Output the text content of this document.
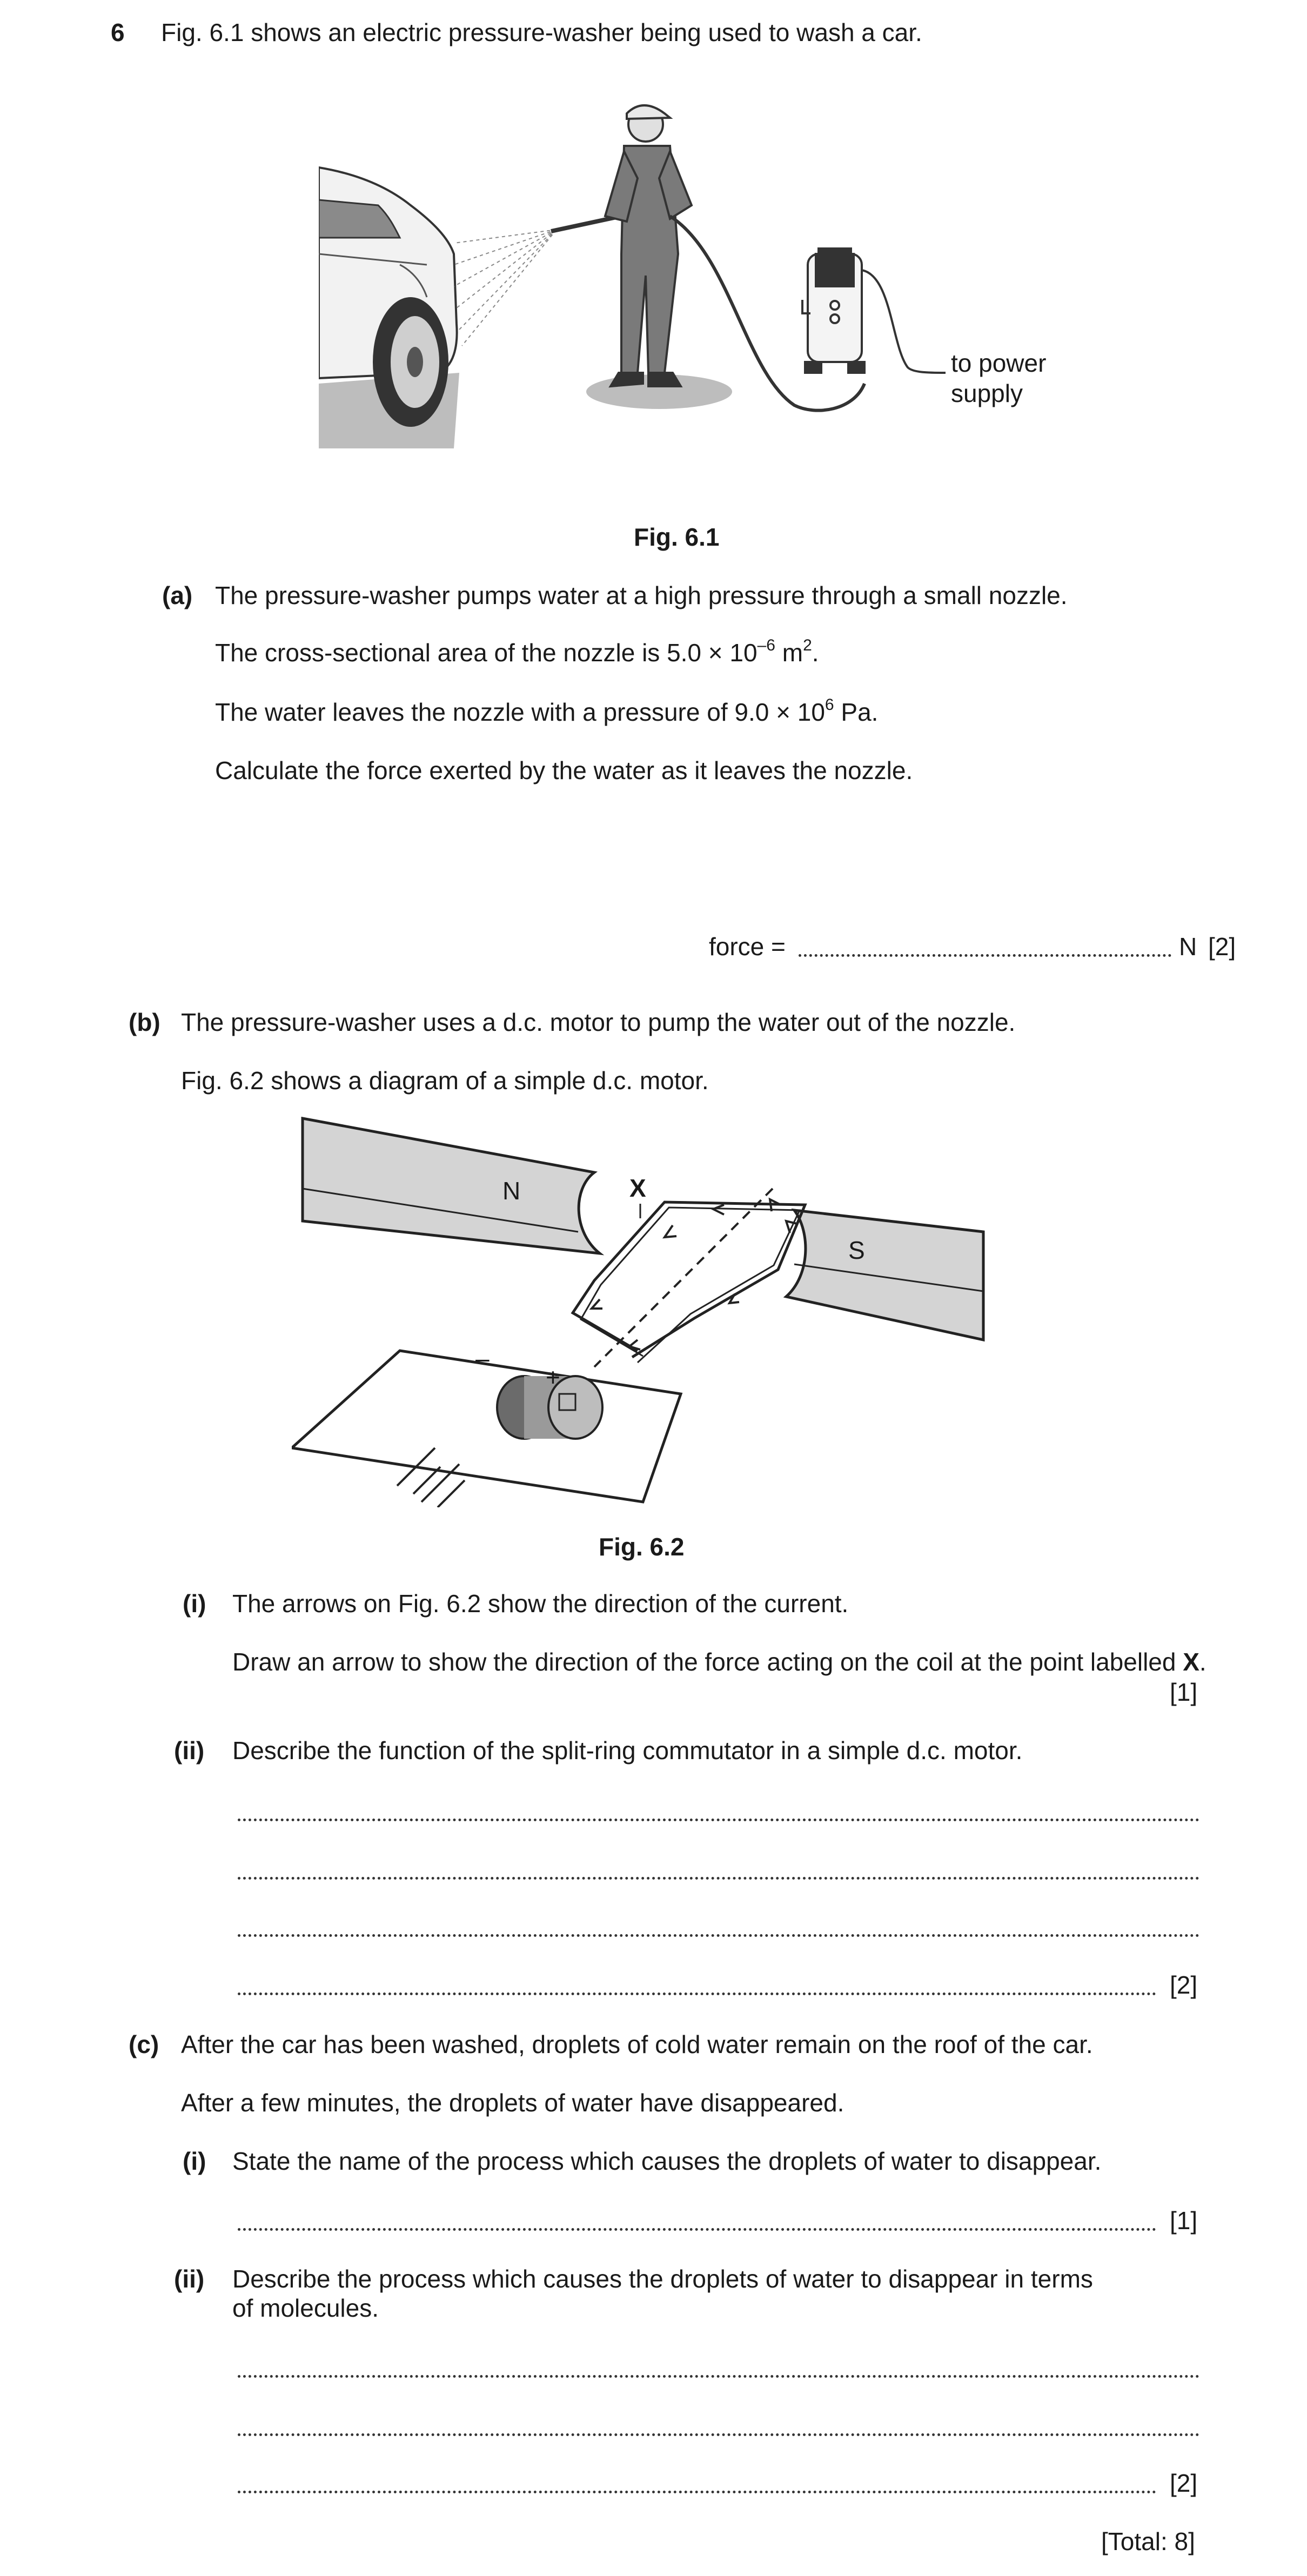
6 Fig. 6.1 shows an electric pressure-washer being used to wash a car.
to power
supply
Fig. 6.1
(a) The pressure-washer pumps water at a high pressure through a small nozzle.
The cross-sectional area of the nozzle is $5.0 \times 10^{-6}$ $m^2$.
The water leaves the nozzle with a pressure of $9.0 \times 10^6$ Pa.
Calculate the force exerted by the water as it leaves the nozzle.
force =	N [2]
(b) The pressure-washer uses a d.c. motor to pump the water out of the nozzle.
Fig. 6.2 shows a diagram of a simple d.c. motor.
N
S
X
–
+
Fig. 6.2
(i) The arrows on Fig. 6.2 show the direction of the current.
Draw an arrow to show the direction of the force acting on the coil at the point labelled X.
[1]
(ii) Describe the function of the split-ring commutator in a simple d.c. motor.
[2]
(c) After the car has been washed, droplets of cold water remain on the roof of the car.
After a few minutes, the droplets of water have disappeared.
(i) State the name of the process which causes the droplets of water to disappear.
[1]
(ii) Describe the process which causes the droplets of water to disappear in terms
of molecules.
[2]
[Total: 8]
